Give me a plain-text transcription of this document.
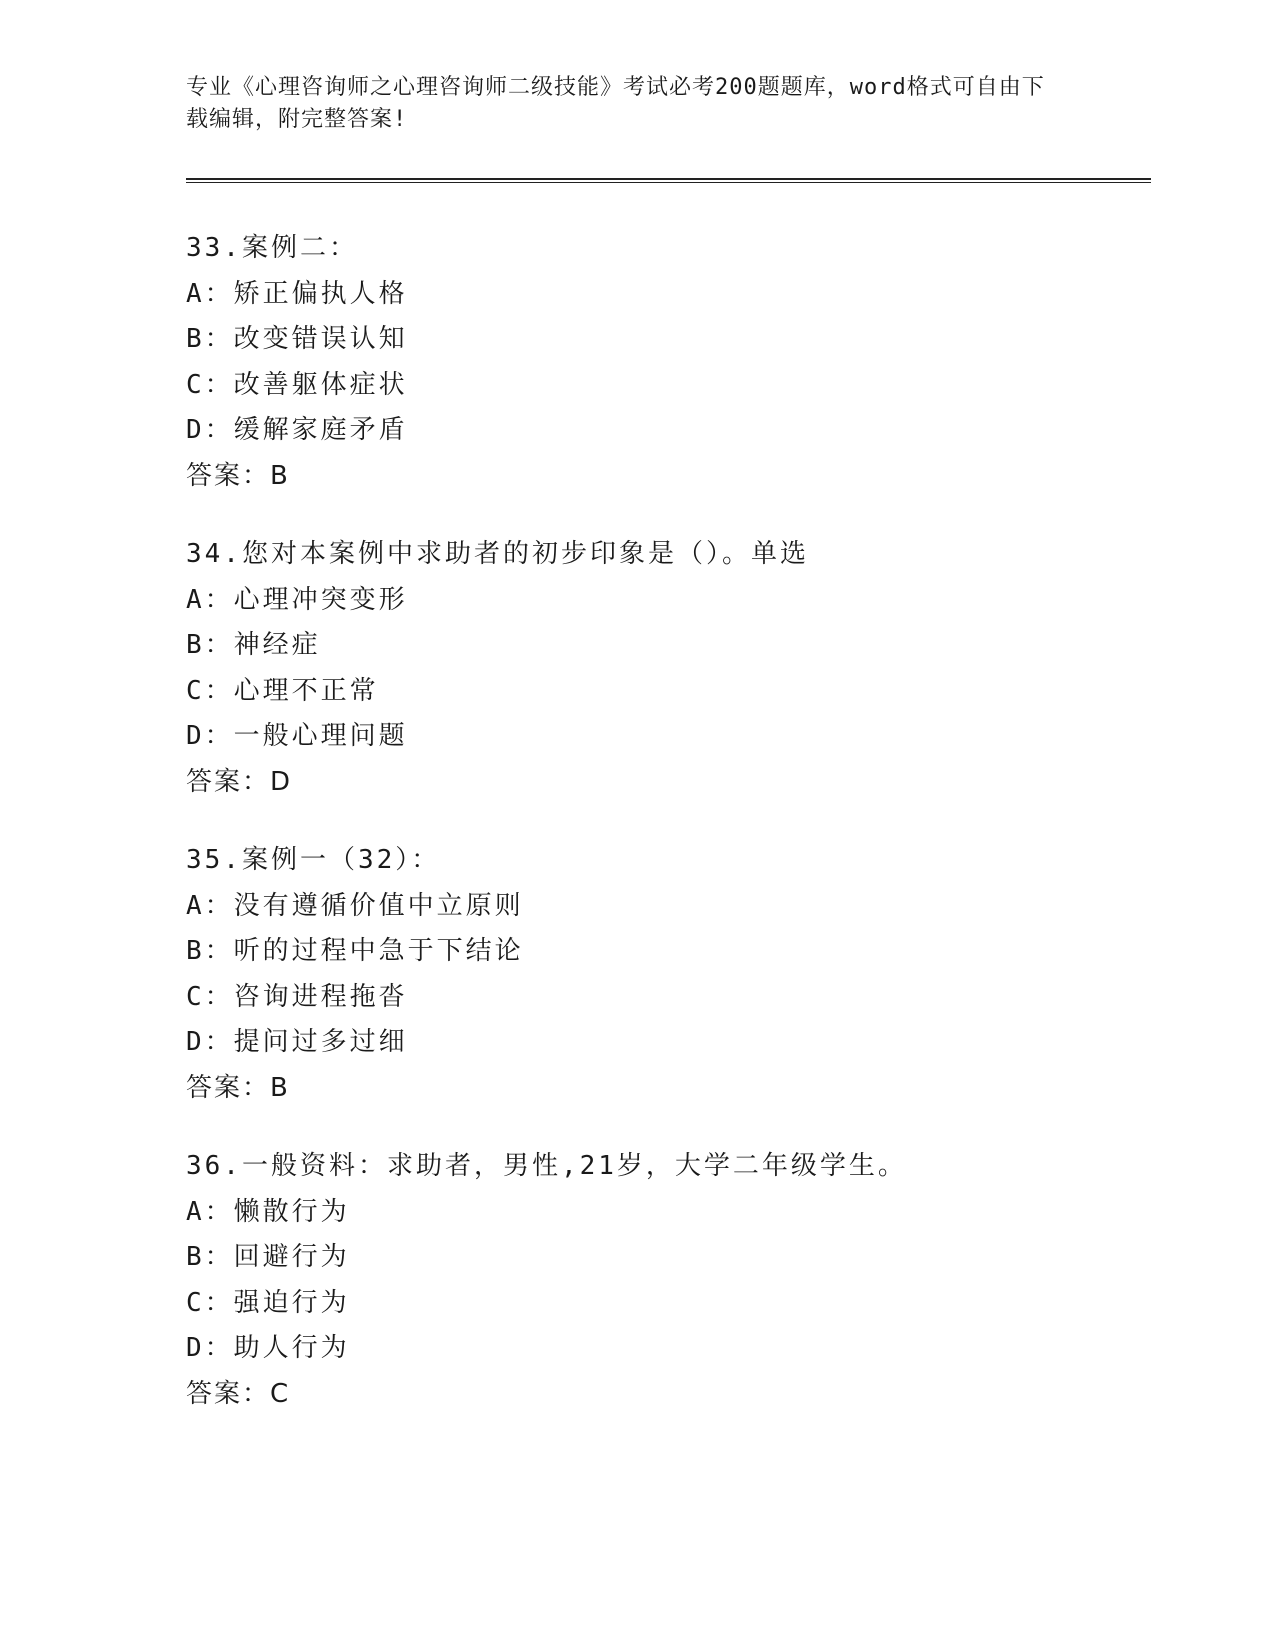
专业《心理咨询师之心理咨询师二级技能》考试必考200题题库，word格式可自由下载编辑，附完整答案!
33.案例二：
A：矫正偏执人格
B：改变错误认知
C：改善躯体症状
D：缓解家庭矛盾
答案：B
34.您对本案例中求助者的初步印象是（）。单选
A：心理冲突变形
B：神经症
C：心理不正常
D：一般心理问题
答案：D
35.案例一（32）：
A：没有遵循价值中立原则
B：听的过程中急于下结论
C：咨询进程拖沓
D：提问过多过细
答案：B
36.一般资料：求助者，男性,21岁，大学二年级学生。
A：懒散行为
B：回避行为
C：强迫行为
D：助人行为
答案：C
